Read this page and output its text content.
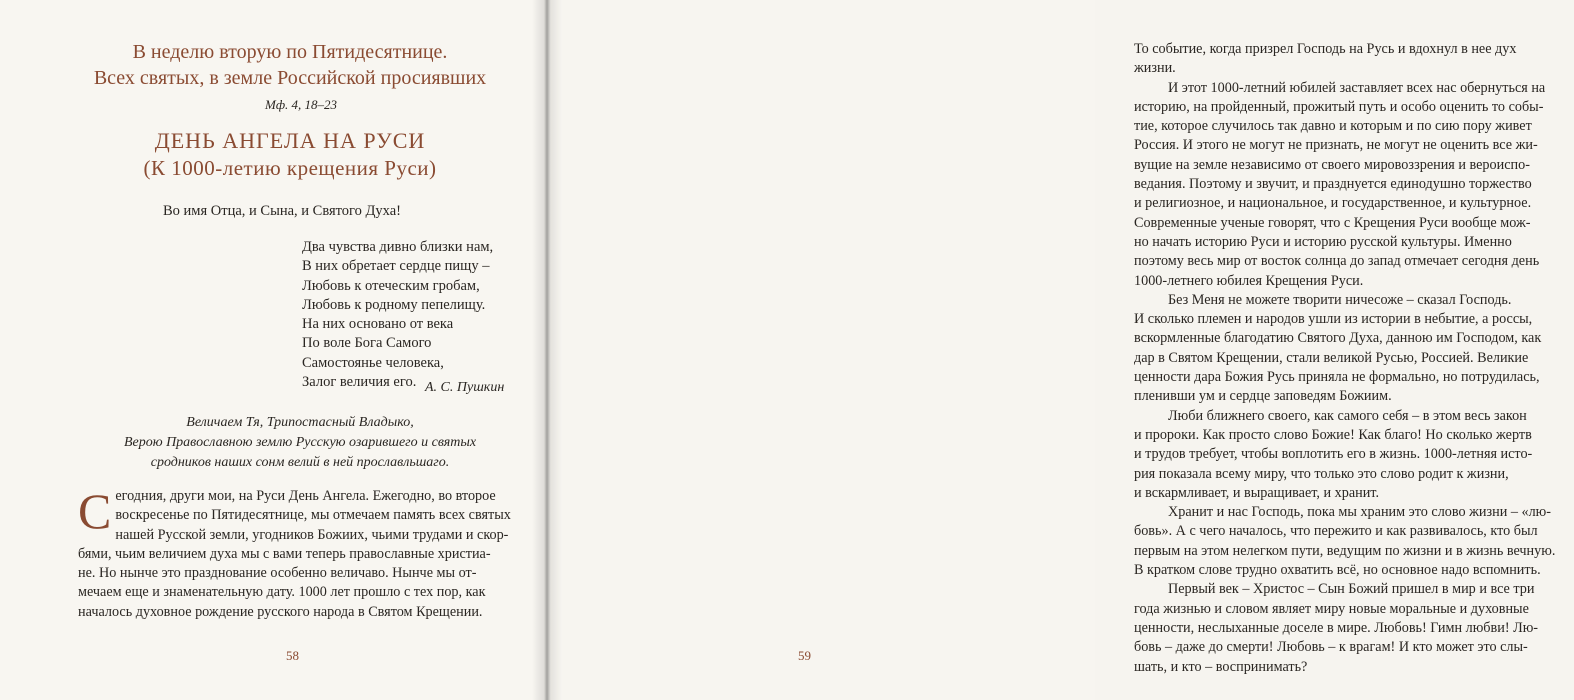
В неделю вторую по Пятидесятнице.
Всех святых, в земле Российской просиявших
Мф. 4, 18–23
ДЕНЬ АНГЕЛА НА РУСИ
(К 1000-летию крещения Руси)
Во имя Отца, и Сына, и Святого Духа!
Два чувства дивно близки нам,
В них обретает сердце пищу –
Любовь к отеческим гробам,
Любовь к родному пепелищу.
На них основано от века
По воле Бога Самого
Самостоянье человека,
Залог величия его. А. С. Пушкин
Величаем Тя, Трипостасный Владыко,
Верою Православною землю Русскую озарившего и святых
сродников наших сонм велий в ней прославльшаго.
С егодния, други мои, на Руси День Ангела. Ежегодно, во второе
воскресенье по Пятидесятнице, мы отмечаем память всех святых
нашей Русской земли, угодников Божиих, чьими трудами и скор-
бями, чьим величием духа мы с вами теперь православные христиа-
не. Но нынче это празднование особенно величаво. Нынче мы от-
мечаем еще и знаменательную дату. 1000 лет прошло с тех пор, как
началось духовное рождение русского народа в Святом Крещении.
58
То событие, когда призрел Господь на Русь и вдохнул в нее дух
жизни.
И этот 1000-летний юбилей заставляет всех нас обернуться на
историю, на пройденный, прожитый путь и особо оценить то собы-
тие, которое случилось так давно и которым и по сию пору живет
Россия. И этого не могут не признать, не могут не оценить все жи-
вущие на земле независимо от своего мировоззрения и вероиспо-
ведания. Поэтому и звучит, и празднуется единодушно торжество
и религиозное, и национальное, и государственное, и культурное.
Современные ученые говорят, что с Крещения Руси вообще мож-
но начать историю Руси и историю русской культуры. Именно
поэтому весь мир от восток солнца до запад отмечает сегодня день
1000-летнего юбилея Крещения Руси.
Без Меня не можете творити ничесоже – сказал Господь.
И сколько племен и народов ушли из истории в небытие, а россы,
вскормленные благодатию Святого Духа, данною им Господом, как
дар в Святом Крещении, стали великой Русью, Россией. Великие
ценности дара Божия Русь приняла не формально, но потрудилась,
пленивши ум и сердце заповедям Божиим.
Люби ближнего своего, как самого себя – в этом весь закон
и пророки. Как просто слово Божие! Как благо! Но сколько жертв
и трудов требует, чтобы воплотить его в жизнь. 1000-летняя исто-
рия показала всему миру, что только это слово родит к жизни,
и вскармливает, и выращивает, и хранит.
Хранит и нас Господь, пока мы храним это слово жизни – «лю-
бовь». А с чего началось, что пережито и как развивалось, кто был
первым на этом нелегком пути, ведущим по жизни и в жизнь вечную.
В кратком слове трудно охватить всё, но основное надо вспомнить.
Первый век – Христос – Сын Божий пришел в мир и все три
года жизнью и словом являет миру новые моральные и духовные
ценности, неслыханные доселе в мире. Любовь! Гимн любви! Лю-
бовь – даже до смерти! Любовь – к врагам! И кто может это слы-
шать, и кто – воспринимать?
59
